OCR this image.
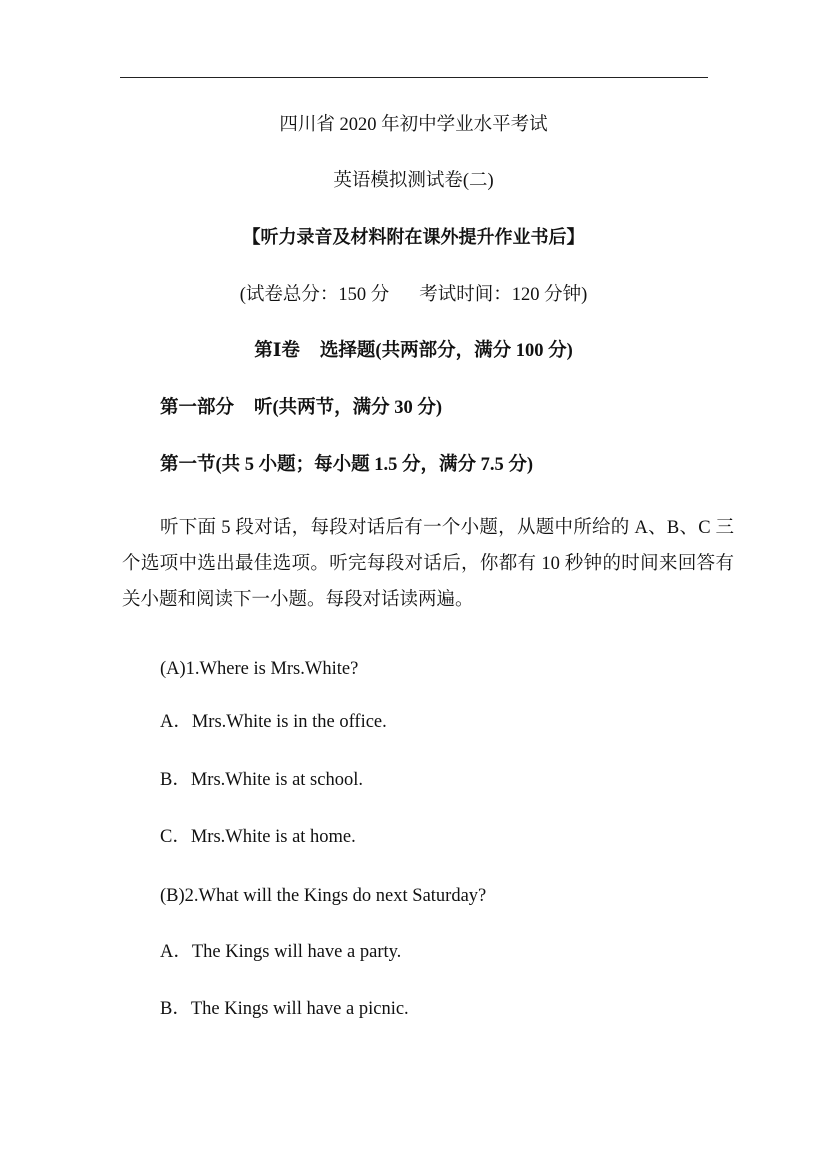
四川省 2020 年初中学业水平考试
英语模拟测试卷(二)
【听力录音及材料附在课外提升作业书后】
(试卷总分：150 分 考试时间：120 分钟)
第Ⅰ卷 选择题(共两部分，满分 100 分)
第一部分 听(共两节，满分 30 分)
第一节(共 5 小题；每小题 1.5 分，满分 7.5 分)
听下面 5 段对话，每段对话后有一个小题，从题中所给的 A、B、C 三个选项中选出最佳选项。听完每段对话后，你都有 10 秒钟的时间来回答有关小题和阅读下一小题。每段对话读两遍。
(A)1.Where is Mrs.White?
A．Mrs.White is in the office.
B．Mrs.White is at school.
C．Mrs.White is at home.
(B)2.What will the Kings do next Saturday?
A．The Kings will have a party.
B．The Kings will have a picnic.
